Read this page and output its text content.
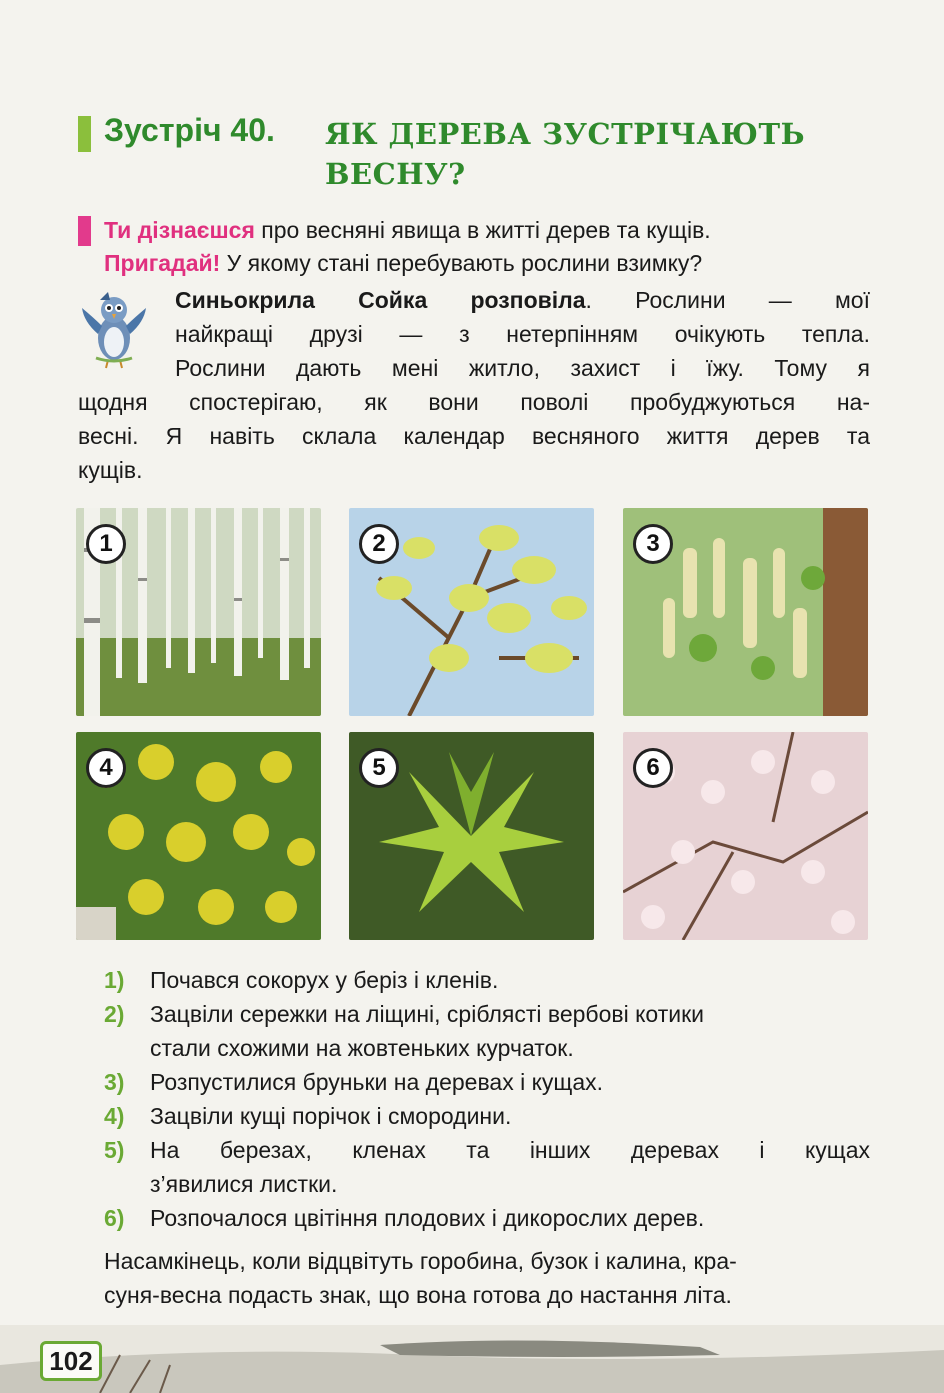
Зустріч 40. ЯК ДЕРЕВА ЗУСТРІЧАЮТЬ
ВЕСНУ?
Ти дізнаєшся про весняні явища в житті дерев та кущів.
Пригадай! У якому стані перебувають рослини взимку?
Синьокрила Сойка розповіла. Рослини — мої
найкращі друзі — з нетерпінням очікують тепла.
Рослини дають мені житло, захист і їжу. Тому я
щодня спостерігаю, як вони поволі пробуджуються на-
весні. Я навіть склала календар весняного життя дерев та
кущів.
1	2	3
4	5	6
1) Почався сокорух у беріз і кленів.
2) Зацвіли сережки на ліщині, сріблясті вербові котики
стали схожими на жовтеньких курчаток.
3) Розпустилися бруньки на деревах і кущах.
4) Зацвіли кущі порічок і смородини.
5) На березах, кленах та інших деревах і кущах
з’явилися листки.
6) Розпочалося цвітіння плодових і дикорослих дерев.
Насамкінець, коли відцвітуть горобина, бузок і калина, кра-
суня-весна подасть знак, що вона готова до настання літа.
102
